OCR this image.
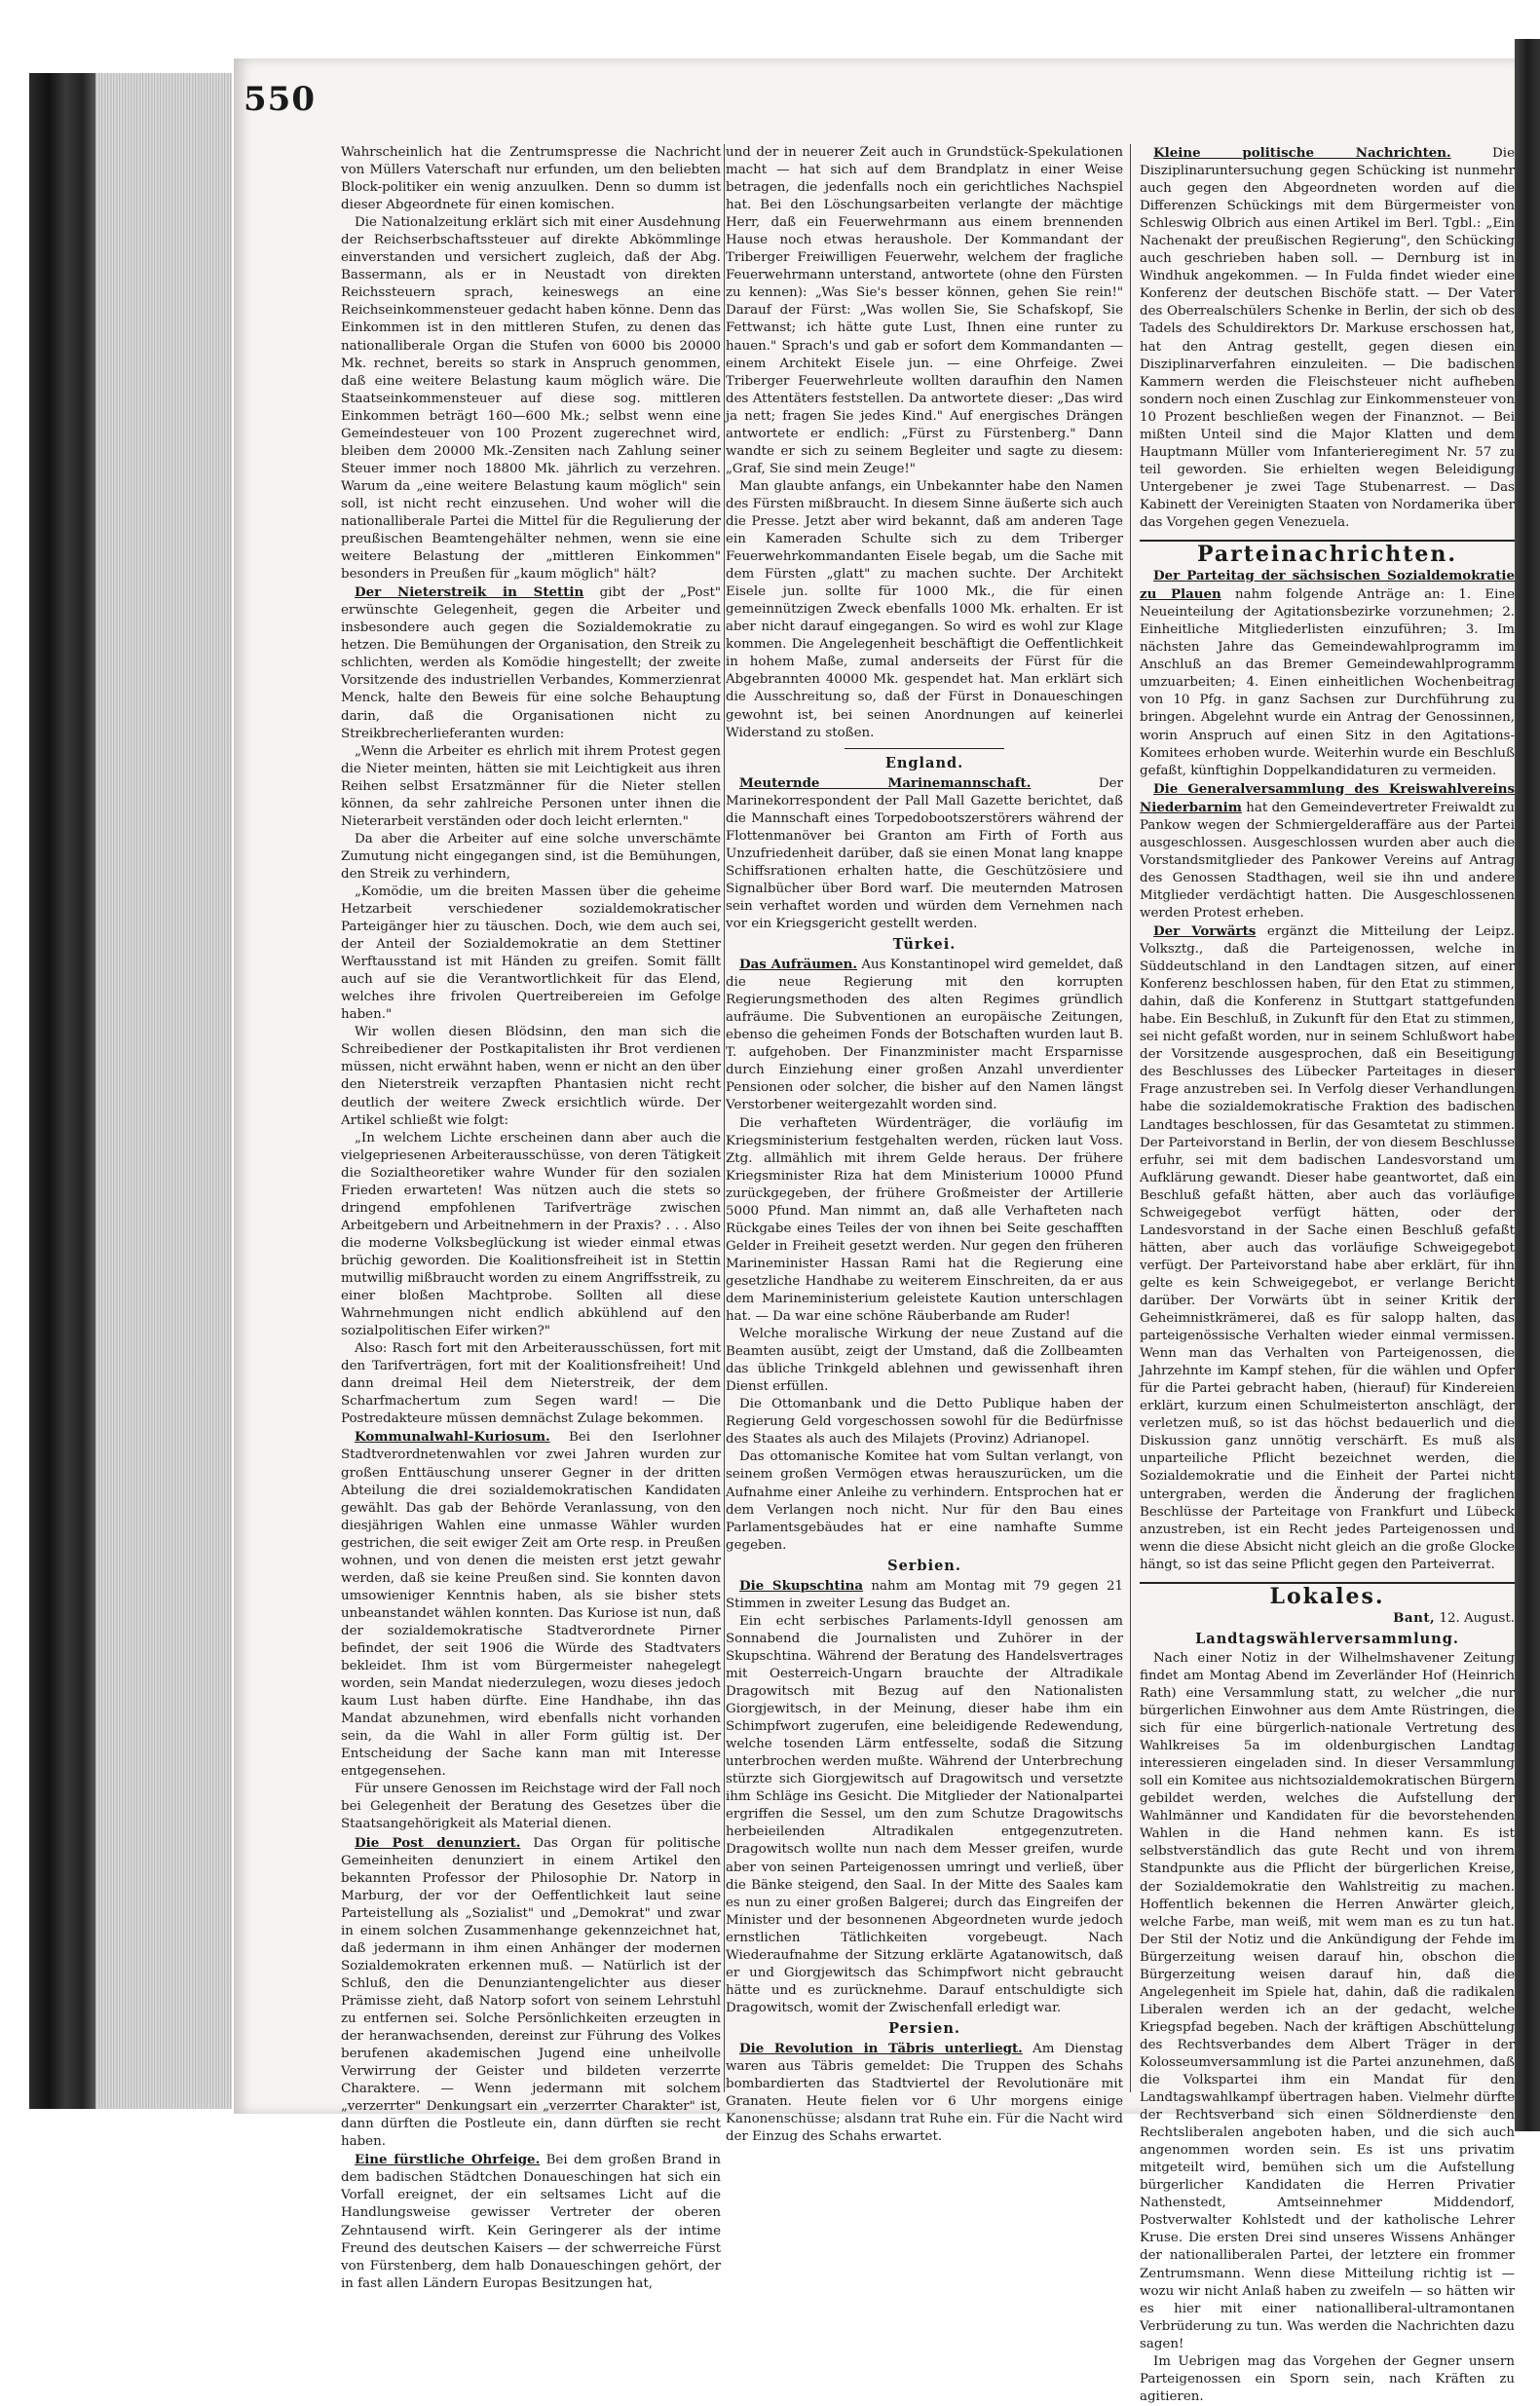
550

Wahrscheinlich hat die Zentrumspresse die Nachricht von Müllers Vaterschaft nur erfunden, um den beliebten Block-politiker ein wenig anzuulken. Denn so dumm ist dieser Abgeordnete für einen komischen.

Die Nationalzeitung erklärt sich mit einer Ausdehnung der Reichserbschaftssteuer auf direkte Abkömmlinge einverstanden und versichert zugleich, daß der Abg. Bassermann, als er in Neustadt von direkten Reichssteuern sprach, keineswegs an eine Reichseinkommensteuer gedacht haben könne. Denn das Einkommen ist in den mittleren Stufen, zu denen das nationalliberale Organ die Stufen von 6000 bis 20000 Mk. rechnet, bereits so stark in Anspruch genommen, daß eine weitere Belastung kaum möglich wäre. Die Staatseinkommensteuer auf diese sog. mittleren Einkommen beträgt 160—600 Mk.; selbst wenn eine Gemeindesteuer von 100 Prozent zugerechnet wird, bleiben dem 20000 Mk.-Zensiten nach Zahlung seiner Steuer immer noch 18800 Mk. jährlich zu verzehren. Warum da „eine weitere Belastung kaum möglich" sein soll, ist nicht recht einzusehen. Und woher will die nationalliberale Partei die Mittel für die Regulierung der preußischen Beamtengehälter nehmen, wenn sie eine weitere Belastung der „mittleren Einkommen" besonders in Preußen für „kaum möglich" hält?

Der Nieterstreik in Stettin gibt der „Post" erwünschte Gelegenheit, gegen die Arbeiter und insbesondere auch gegen die Sozialdemokratie zu hetzen. Die Bemühungen der Organisation, den Streik zu schlichten, werden als Komödie hingestellt; der zweite Vorsitzende des industriellen Verbandes, Kommerzienrat Menck, halte den Beweis für eine solche Behauptung darin, daß die Organisationen nicht zu Streikbrecherlieferanten wurden:

„Wenn die Arbeiter es ehrlich mit ihrem Protest gegen die Nieter meinten, hätten sie mit Leichtigkeit aus ihren Reihen selbst Ersatzmänner für die Nieter stellen können, da sehr zahlreiche Personen unter ihnen die Nieterarbeit verständen oder doch leicht erlernten."

Da aber die Arbeiter auf eine solche unverschämte Zumutung nicht eingegangen sind, ist die Bemühungen, den Streik zu verhindern,

„Komödie, um die breiten Massen über die geheime Hetzarbeit verschiedener sozialdemokratischer Parteigänger hier zu täuschen. Doch, wie dem auch sei, der Anteil der Sozialdemokratie an dem Stettiner Werftausstand ist mit Händen zu greifen. Somit fällt auch auf sie die Verantwortlichkeit für das Elend, welches ihre frivolen Quertreibereien im Gefolge haben."

Wir wollen diesen Blödsinn, den man sich die Schreibediener der Postkapitalisten ihr Brot verdienen müssen, nicht erwähnt haben, wenn er nicht an den über den Nieterstreik verzapften Phantasien nicht recht deutlich der weitere Zweck ersichtlich würde. Der Artikel schließt wie folgt:

„In welchem Lichte erscheinen dann aber auch die vielgepriesenen Arbeiterausschüsse, von deren Tätigkeit die Sozialtheoretiker wahre Wunder für den sozialen Frieden erwarteten! Was nützen auch die stets so dringend empfohlenen Tarifverträge zwischen Arbeitgebern und Arbeitnehmern in der Praxis? . . . Also die moderne Volksbeglückung ist wieder einmal etwas brüchig geworden. Die Koalitionsfreiheit ist in Stettin mutwillig mißbraucht worden zu einem Angriffsstreik, zu einer bloßen Machtprobe. Sollten all diese Wahrnehmungen nicht endlich abkühlend auf den sozialpolitischen Eifer wirken?"

Also: Rasch fort mit den Arbeiterausschüssen, fort mit den Tarifverträgen, fort mit der Koalitionsfreiheit! Und dann dreimal Heil dem Nieterstreik, der dem Scharfmachertum zum Segen ward! — Die Postredakteure müssen demnächst Zulage bekommen.

Kommunalwahl-Kuriosum. Bei den Iserlohner Stadtverordnetenwahlen vor zwei Jahren wurden zur großen Enttäuschung unserer Gegner in der dritten Abteilung die drei sozialdemokratischen Kandidaten gewählt. Das gab der Behörde Veranlassung, von den diesjährigen Wahlen eine unmasse Wähler wurden gestrichen, die seit ewiger Zeit am Orte resp. in Preußen wohnen, und von denen die meisten erst jetzt gewahr werden, daß sie keine Preußen sind. Sie konnten davon umsowieniger Kenntnis haben, als sie bisher stets unbeanstandet wählen konnten. Das Kuriose ist nun, daß der sozialdemokratische Stadtverordnete Pirner befindet, der seit 1906 die Würde des Stadtvaters bekleidet. Ihm ist vom Bürgermeister nahegelegt worden, sein Mandat niederzulegen, wozu dieses jedoch kaum Lust haben dürfte. Eine Handhabe, ihn das Mandat abzunehmen, wird ebenfalls nicht vorhanden sein, da die Wahl in aller Form gültig ist. Der Entscheidung der Sache kann man mit Interesse entgegensehen.

Für unsere Genossen im Reichstage wird der Fall noch bei Gelegenheit der Beratung des Gesetzes über die Staatsangehörigkeit als Material dienen.

Die Post denunziert. Das Organ für politische Gemeinheiten denunziert in einem Artikel den bekannten Professor der Philosophie Dr. Natorp in Marburg, der vor der Oeffentlichkeit laut seine Parteistellung als „Sozialist" und „Demokrat" und zwar in einem solchen Zusammenhange gekennzeichnet hat, daß jedermann in ihm einen Anhänger der modernen Sozialdemokraten erkennen muß. — Natürlich ist der Schluß, den die Denunziantengelichter aus dieser Prämisse zieht, daß Natorp sofort von seinem Lehrstuhl zu entfernen sei. Solche Persönlichkeiten erzeugten in der heranwachsenden, dereinst zur Führung des Volkes berufenen akademischen Jugend eine unheilvolle Verwirrung der Geister und bildeten verzerrte Charaktere. — Wenn jedermann mit solchem „verzerrter" Denkungsart ein „verzerrter Charakter" ist, dann dürften die Postleute ein, dann dürften sie recht haben.

Eine fürstliche Ohrfeige. Bei dem großen Brand in dem badischen Städtchen Donaueschingen hat sich ein Vorfall ereignet, der ein seltsames Licht auf die Handlungsweise gewisser Vertreter der oberen Zehntausend wirft. Kein Geringerer als der intime Freund des deutschen Kaisers — der schwerreiche Fürst von Fürstenberg, dem halb Donaueschingen gehört, der in fast allen Ländern Europas Besitzungen hat,

und der in neuerer Zeit auch in Grundstück-Spekulationen macht — hat sich auf dem Brandplatz in einer Weise betragen, die jedenfalls noch ein gerichtliches Nachspiel hat. Bei den Löschungsarbeiten verlangte der mächtige Herr, daß ein Feuerwehrmann aus einem brennenden Hause noch etwas heraushole. Der Kommandant der Triberger Freiwilligen Feuerwehr, welchem der fragliche Feuerwehrmann unterstand, antwortete (ohne den Fürsten zu kennen): „Was Sie's besser können, gehen Sie rein!" Darauf der Fürst: „Was wollen Sie, Sie Schafskopf, Sie Fettwanst; ich hätte gute Lust, Ihnen eine runter zu hauen." Sprach's und gab er sofort dem Kommandanten — einem Architekt Eisele jun. — eine Ohrfeige. Zwei Triberger Feuerwehrleute wollten daraufhin den Namen des Attentäters feststellen. Da antwortete dieser: „Das wird ja nett; fragen Sie jedes Kind." Auf energisches Drängen antwortete er endlich: „Fürst zu Fürstenberg." Dann wandte er sich zu seinem Begleiter und sagte zu diesem: „Graf, Sie sind mein Zeuge!"

Man glaubte anfangs, ein Unbekannter habe den Namen des Fürsten mißbraucht. In diesem Sinne äußerte sich auch die Presse. Jetzt aber wird bekannt, daß am anderen Tage ein Kameraden Schulte sich zu dem Triberger Feuerwehrkommandanten Eisele begab, um die Sache mit dem Fürsten „glatt" zu machen suchte. Der Architekt Eisele jun. sollte für 1000 Mk., die für einen gemeinnützigen Zweck ebenfalls 1000 Mk. erhalten. Er ist aber nicht darauf eingegangen. So wird es wohl zur Klage kommen. Die Angelegenheit beschäftigt die Oeffentlichkeit in hohem Maße, zumal anderseits der Fürst für die Abgebrannten 40000 Mk. gespendet hat. Man erklärt sich die Ausschreitung so, daß der Fürst in Donaueschingen gewohnt ist, bei seinen Anordnungen auf keinerlei Widerstand zu stoßen.

England.

Meuternde Marinemannschaft. Der Marinekorrespondent der Pall Mall Gazette berichtet, daß die Mannschaft eines Torpedobootszerstörers während der Flottenmanöver bei Granton am Firth of Forth aus Unzufriedenheit darüber, daß sie einen Monat lang knappe Schiffsrationen erhalten hatte, die Geschützösiere und Signalbücher über Bord warf. Die meuternden Matrosen sein verhaftet worden und würden dem Vernehmen nach vor ein Kriegsgericht gestellt werden.

Türkei.

Das Aufräumen. Aus Konstantinopel wird gemeldet, daß die neue Regierung mit den korrupten Regierungsmethoden des alten Regimes gründlich aufräume. Die Subventionen an europäische Zeitungen, ebenso die geheimen Fonds der Botschaften wurden laut B. T. aufgehoben. Der Finanzminister macht Ersparnisse durch Einziehung einer großen Anzahl unverdienter Pensionen oder solcher, die bisher auf den Namen längst Verstorbener weitergezahlt worden sind.

Die verhafteten Würdenträger, die vorläufig im Kriegsministerium festgehalten werden, rücken laut Voss. Ztg. allmählich mit ihrem Gelde heraus. Der frühere Kriegsminister Riza hat dem Ministerium 10000 Pfund zurückgegeben, der frühere Großmeister der Artillerie 5000 Pfund. Man nimmt an, daß alle Verhafteten nach Rückgabe eines Teiles der von ihnen bei Seite geschafften Gelder in Freiheit gesetzt werden. Nur gegen den früheren Marineminister Hassan Rami hat die Regierung eine gesetzliche Handhabe zu weiterem Einschreiten, da er aus dem Marineministerium geleistete Kaution unterschlagen hat. — Da war eine schöne Räuberbande am Ruder!

Welche moralische Wirkung der neue Zustand auf die Beamten ausübt, zeigt der Umstand, daß die Zollbeamten das übliche Trinkgeld ablehnen und gewissenhaft ihren Dienst erfüllen.

Die Ottomanbank und die Detto Publique haben der Regierung Geld vorgeschossen sowohl für die Bedürfnisse des Staates als auch des Milajets (Provinz) Adrianopel.

Das ottomanische Komitee hat vom Sultan verlangt, von seinem großen Vermögen etwas herauszurücken, um die Aufnahme einer Anleihe zu verhindern. Entsprochen hat er dem Verlangen noch nicht. Nur für den Bau eines Parlamentsgebäudes hat er eine namhafte Summe gegeben.

Serbien.

Die Skupschtina nahm am Montag mit 79 gegen 21 Stimmen in zweiter Lesung das Budget an.

Ein echt serbisches Parlaments-Idyll genossen am Sonnabend die Journalisten und Zuhörer in der Skupschtina. Während der Beratung des Handelsvertrages mit Oesterreich-Ungarn brauchte der Altradikale Dragowitsch mit Bezug auf den Nationalisten Giorgjewitsch, in der Meinung, dieser habe ihm ein Schimpfwort zugerufen, eine beleidigende Redewendung, welche tosenden Lärm entfesselte, sodaß die Sitzung unterbrochen werden mußte. Während der Unterbrechung stürzte sich Giorgjewitsch auf Dragowitsch und versetzte ihm Schläge ins Gesicht. Die Mitglieder der Nationalpartei ergriffen die Sessel, um den zum Schutze Dragowitschs herbeieilenden Altradikalen entgegenzutreten. Dragowitsch wollte nun nach dem Messer greifen, wurde aber von seinen Parteigenossen umringt und verließ, über die Bänke steigend, den Saal. In der Mitte des Saales kam es nun zu einer großen Balgerei; durch das Eingreifen der Minister und der besonnenen Abgeordneten wurde jedoch ernstlichen Tätlichkeiten vorgebeugt. Nach Wiederaufnahme der Sitzung erklärte Agatanowitsch, daß er und Giorgjewitsch das Schimpfwort nicht gebraucht hätte und es zurücknehme. Darauf entschuldigte sich Dragowitsch, womit der Zwischenfall erledigt war.

Persien.

Die Revolution in Täbris unterliegt. Am Dienstag waren aus Täbris gemeldet: Die Truppen des Schahs bombardierten das Stadtviertel der Revolutionäre mit Granaten. Heute fielen vor 6 Uhr morgens einige Kanonenschüsse; alsdann trat Ruhe ein. Für die Nacht wird der Einzug des Schahs erwartet.

Kleine politische Nachrichten. Die Disziplinaruntersuchung gegen Schücking ist nunmehr auch gegen den Abgeordneten worden auf die Differenzen Schückings mit dem Bürgermeister von Schleswig Olbrich aus einen Artikel im Berl. Tgbl.: „Ein Nachenakt der preußischen Regierung", den Schücking auch geschrieben haben soll. — Dernburg ist in Windhuk angekommen. — In Fulda findet wieder eine Konferenz der deutschen Bischöfe statt. — Der Vater des Oberrealschülers Schenke in Berlin, der sich ob des Tadels des Schuldirektors Dr. Markuse erschossen hat, hat den Antrag gestellt, gegen diesen ein Disziplinarverfahren einzuleiten. — Die badischen Kammern werden die Fleischsteuer nicht aufheben sondern noch einen Zuschlag zur Einkommensteuer von 10 Prozent beschließen wegen der Finanznot. — Bei mißten Unteil sind die Major Klatten und dem Hauptmann Müller vom Infanterieregiment Nr. 57 zu teil geworden. Sie erhielten wegen Beleidigung Untergebener je zwei Tage Stubenarrest. — Das Kabinett der Vereinigten Staaten von Nordamerika über das Vorgehen gegen Venezuela.

Parteinachrichten.

Der Parteitag der sächsischen Sozialdemokratie zu Plauen nahm folgende Anträge an: 1. Eine Neueinteilung der Agitationsbezirke vorzunehmen; 2. Einheitliche Mitgliederlisten einzuführen; 3. Im nächsten Jahre das Gemeindewahlprogramm im Anschluß an das Bremer Gemeindewahlprogramm umzuarbeiten; 4. Einen einheitlichen Wochenbeitrag von 10 Pfg. in ganz Sachsen zur Durchführung zu bringen. Abgelehnt wurde ein Antrag der Genossinnen, worin Anspruch auf einen Sitz in den Agitations-Komitees erhoben wurde. Weiterhin wurde ein Beschluß gefaßt, künftighin Doppelkandidaturen zu vermeiden.

Die Generalversammlung des Kreiswahlvereins Niederbarnim hat den Gemeindevertreter Freiwaldt zu Pankow wegen der Schmiergelderaffäre aus der Partei ausgeschlossen. Ausgeschlossen wurden aber auch die Vorstandsmitglieder des Pankower Vereins auf Antrag des Genossen Stadthagen, weil sie ihn und andere Mitglieder verdächtigt hatten. Die Ausgeschlossenen werden Protest erheben.

Der Vorwärts ergänzt die Mitteilung der Leipz. Volksztg., daß die Parteigenossen, welche in Süddeutschland in den Landtagen sitzen, auf einer Konferenz beschlossen haben, für den Etat zu stimmen, dahin, daß die Konferenz in Stuttgart stattgefunden habe. Ein Beschluß, in Zukunft für den Etat zu stimmen, sei nicht gefaßt worden, nur in seinem Schlußwort habe der Vorsitzende ausgesprochen, daß ein Beseitigung des Beschlusses des Lübecker Parteitages in dieser Frage anzustreben sei. In Verfolg dieser Verhandlungen habe die sozialdemokratische Fraktion des badischen Landtages beschlossen, für das Gesamtetat zu stimmen. Der Parteivorstand in Berlin, der von diesem Beschlusse erfuhr, sei mit dem badischen Landesvorstand um Aufklärung gewandt. Dieser habe geantwortet, daß ein Beschluß gefaßt hätten, aber auch das vorläufige Schweigegebot verfügt hätten, oder der Landesvorstand in der Sache einen Beschluß gefaßt hätten, aber auch das vorläufige Schweigegebot verfügt. Der Parteivorstand habe aber erklärt, für ihn gelte es kein Schweigegebot, er verlange Bericht darüber. Der Vorwärts übt in seiner Kritik der Geheimnistkrämerei, daß es für salopp halten, das parteigenössische Verhalten wieder einmal vermissen. Wenn man das Verhalten von Parteigenossen, die Jahrzehnte im Kampf stehen, für die wählen und Opfer für die Partei gebracht haben, (hierauf) für Kindereien erklärt, kurzum einen Schulmeisterton anschlägt, der verletzen muß, so ist das höchst bedauerlich und die Diskussion ganz unnötig verschärft. Es muß als unparteiliche Pflicht bezeichnet werden, die Sozialdemokratie und die Einheit der Partei nicht untergraben, werden die Änderung der fraglichen Beschlüsse der Parteitage von Frankfurt und Lübeck anzustreben, ist ein Recht jedes Parteigenossen und wenn die diese Absicht nicht gleich an die große Glocke hängt, so ist das seine Pflicht gegen den Parteiverrat.

Lokales.
Bant, 12. August.
Landtagswählerversammlung.

Nach einer Notiz in der Wilhelmshavener Zeitung findet am Montag Abend im Zeverländer Hof (Heinrich Rath) eine Versammlung statt, zu welcher „die nur bürgerlichen Einwohner aus dem Amte Rüstringen, die sich für eine bürgerlich-nationale Vertretung des Wahlkreises 5a im oldenburgischen Landtag interessieren eingeladen sind. In dieser Versammlung soll ein Komitee aus nichtsozialdemokratischen Bürgern gebildet werden, welches die Aufstellung der Wahlmänner und Kandidaten für die bevorstehenden Wahlen in die Hand nehmen kann. Es ist selbstverständlich das gute Recht und von ihrem Standpunkte aus die Pflicht der bürgerlichen Kreise, der Sozialdemokratie den Wahlstreitig zu machen. Hoffentlich bekennen die Herren Anwärter gleich, welche Farbe, man weiß, mit wem man es zu tun hat. Der Stil der Notiz und die Ankündigung der Fehde im Bürgerzeitung weisen darauf hin, obschon die Bürgerzeitung weisen darauf hin, daß die Angelegenheit im Spiele hat, dahin, daß die radikalen Liberalen werden ich an der gedacht, welche Kriegspfad begeben. Nach der kräftigen Abschüttelung des Rechtsverbandes dem Albert Träger in der Kolosseumversammlung ist die Partei anzunehmen, daß die Volkspartei ihm ein Mandat für den Landtagswahlkampf übertragen haben. Vielmehr dürfte der Rechtsverband sich einen Söldnerdienste den Rechtsliberalen angeboten haben, und die sich auch angenommen worden sein. Es ist uns privatim mitgeteilt wird, bemühen sich um die Aufstellung bürgerlicher Kandidaten die Herren Privatier Nathenstedt, Amtseinnehmer Middendorf, Postverwalter Kohlstedt und der katholische Lehrer Kruse. Die ersten Drei sind unseres Wissens Anhänger der nationalliberalen Partei, der letztere ein frommer Zentrumsmann. Wenn diese Mitteilung richtig ist — wozu wir nicht Anlaß haben zu zweifeln — so hätten wir es hier mit einer nationalliberal-ultramontanen Verbrüderung zu tun. Was werden die Nachrichten dazu sagen!

Im Uebrigen mag das Vorgehen der Gegner unsern Parteigenossen ein Sporn sein, nach Kräften zu agitieren.
